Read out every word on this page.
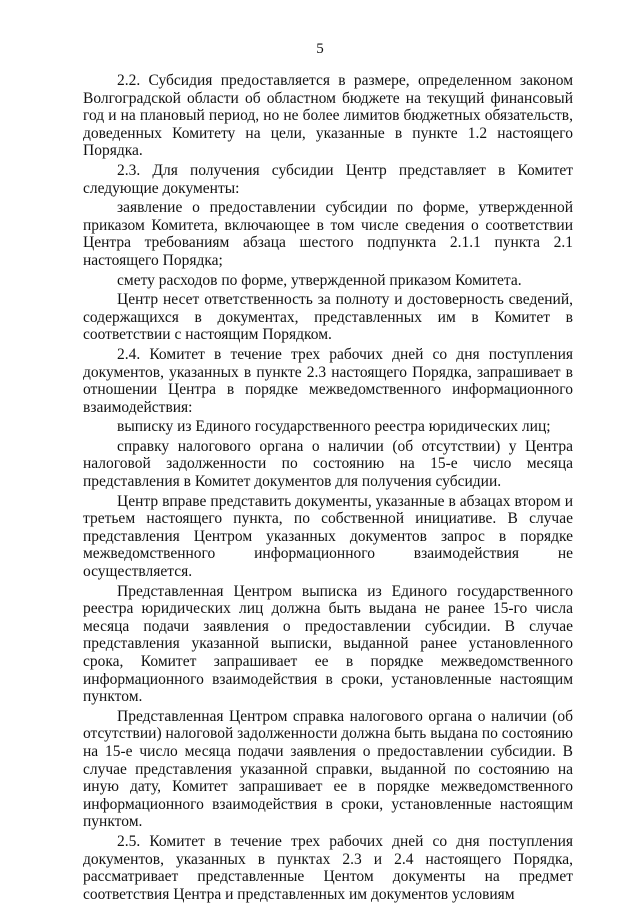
5

2.2. Субсидия предоставляется в размере, определенном законом Волгоградской области об областном бюджете на текущий финансовый год и на плановый период, но не более лимитов бюджетных обязательств, доведенных Комитету на цели, указанные в пункте 1.2 настоящего Порядка.

2.3. Для получения субсидии Центр представляет в Комитет следующие документы:

заявление о предоставлении субсидии по форме, утвержденной приказом Комитета, включающее в том числе сведения о соответствии Центра требованиям абзаца шестого подпункта 2.1.1 пункта 2.1 настоящего Порядка;

смету расходов по форме, утвержденной приказом Комитета.

Центр несет ответственность за полноту и достоверность сведений, содержащихся в документах, представленных им в Комитет в соответствии с настоящим Порядком.

2.4. Комитет в течение трех рабочих дней со дня поступления документов, указанных в пункте 2.3 настоящего Порядка, запрашивает в отношении Центра в порядке межведомственного информационного взаимодействия:

выписку из Единого государственного реестра юридических лиц;

справку налогового органа о наличии (об отсутствии) у Центра налоговой задолженности по состоянию на 15-е число месяца представления в Комитет документов для получения субсидии.

Центр вправе представить документы, указанные в абзацах втором и третьем настоящего пункта, по собственной инициативе. В случае представления Центром указанных документов запрос в порядке межведомственного информационного взаимодействия не осуществляется.

Представленная Центром выписка из Единого государственного реестра юридических лиц должна быть выдана не ранее 15-го числа месяца подачи заявления о предоставлении субсидии. В случае представления указанной выписки, выданной ранее установленного срока, Комитет запрашивает ее в порядке межведомственного информационного взаимодействия в сроки, установленные настоящим пунктом.

Представленная Центром справка налогового органа о наличии (об отсутствии) налоговой задолженности должна быть выдана по состоянию на 15-е число месяца подачи заявления о предоставлении субсидии. В случае представления указанной справки, выданной по состоянию на иную дату, Комитет запрашивает ее в порядке межведомственного информационного взаимодействия в сроки, установленные настоящим пунктом.

2.5. Комитет в течение трех рабочих дней со дня поступления документов, указанных в пунктах 2.3 и 2.4 настоящего Порядка, рассматривает представленные Центом документы на предмет соответствия Центра и представленных им документов условиям
